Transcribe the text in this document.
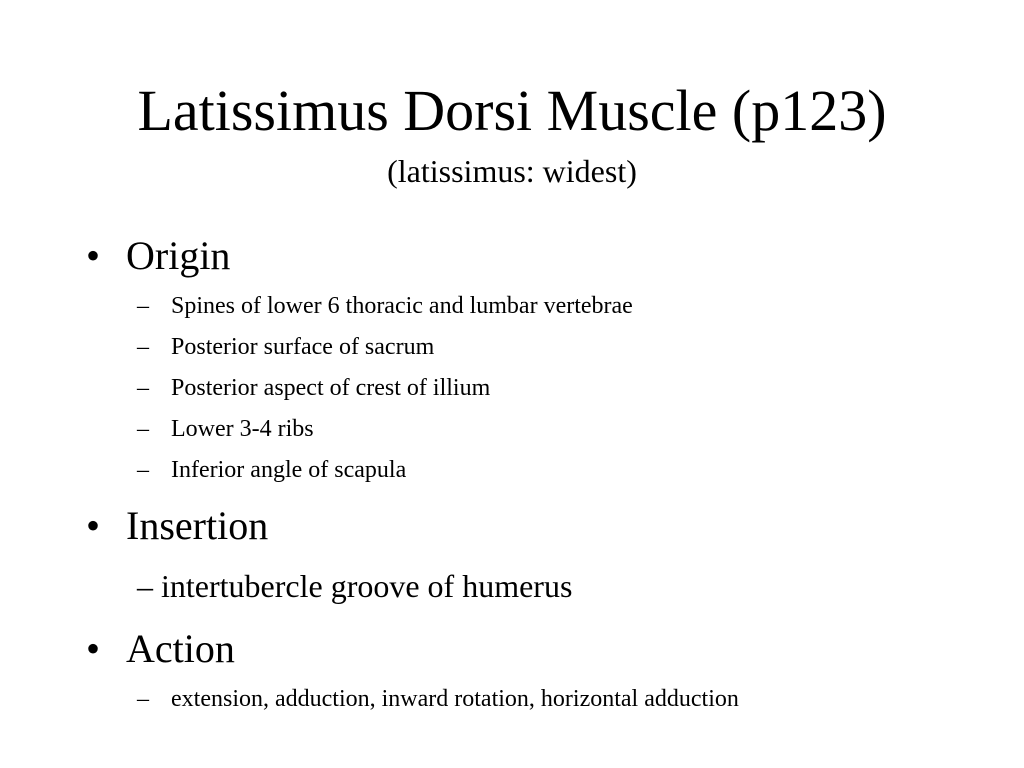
Latissimus Dorsi Muscle (p123)
(latissimus: widest)
• Origin
– Spines of lower 6 thoracic and lumbar vertebrae
– Posterior surface of sacrum
– Posterior aspect of crest of illium
– Lower 3-4 ribs
– Inferior angle of scapula
• Insertion
– intertubercle groove of humerus
• Action
– extension, adduction, inward rotation, horizontal adduction
